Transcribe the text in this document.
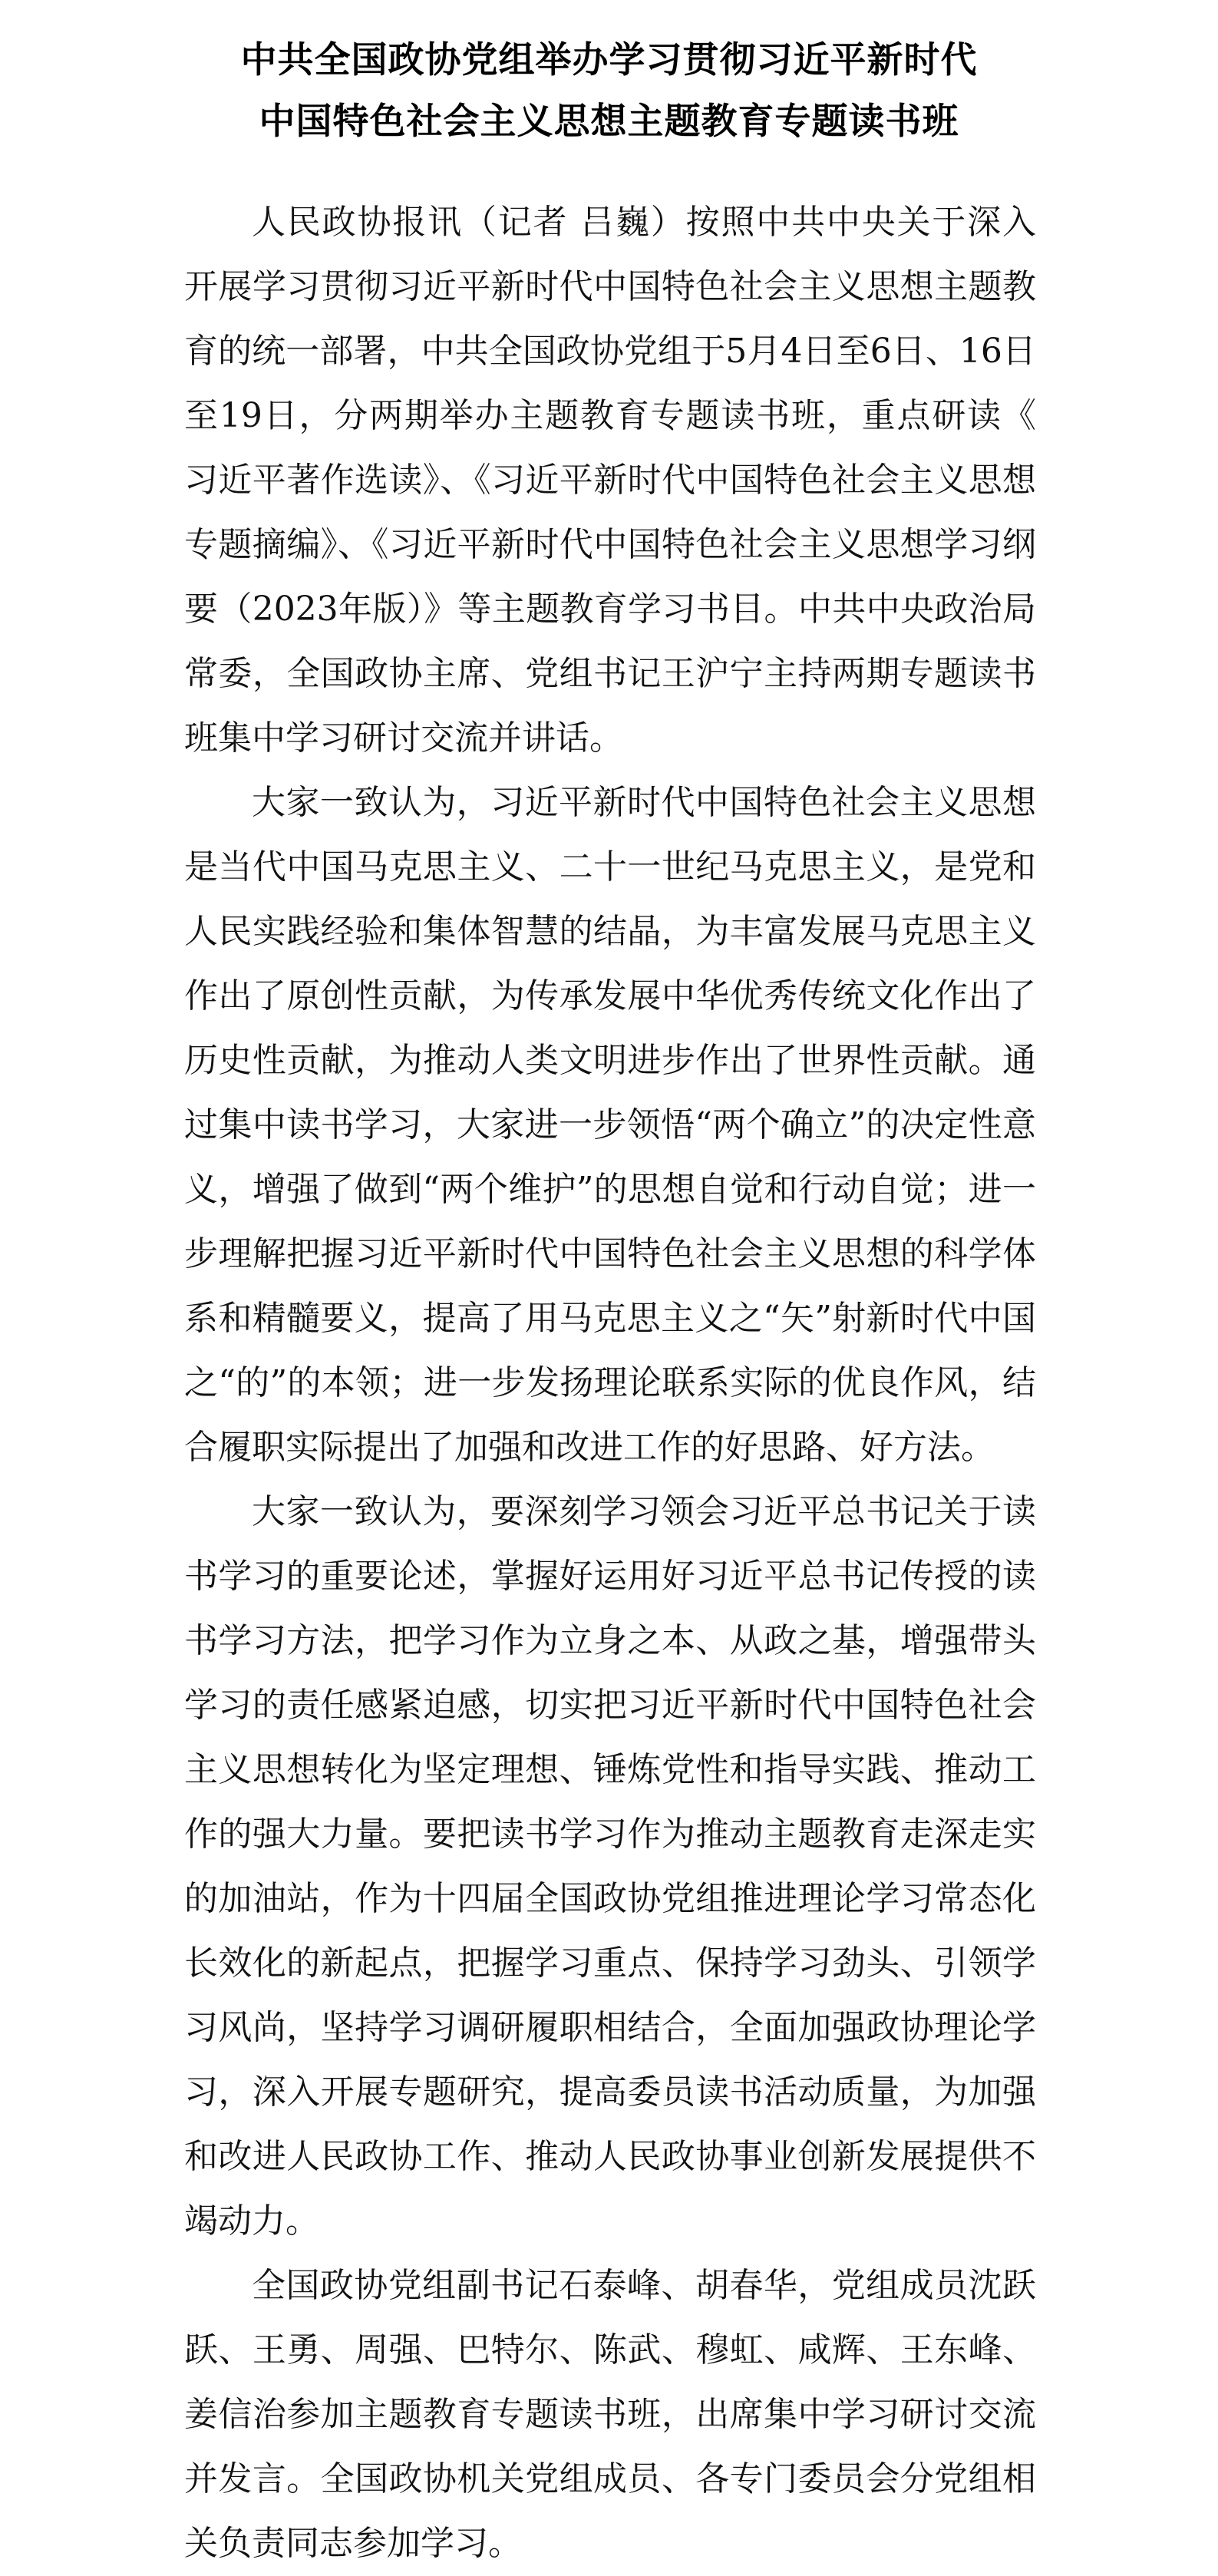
中共全国政协党组举办学习贯彻习近平新时代
中国特色社会主义思想主题教育专题读书班

人民政协报讯（记者 吕巍）按照中共中央关于深入开展学习贯彻习近平新时代中国特色社会主义思想主题教育的统一部署，中共全国政协党组于5月4日至6日、16日至19日，分两期举办主题教育专题读书班，重点研读《习近平著作选读》、《习近平新时代中国特色社会主义思想专题摘编》、《习近平新时代中国特色社会主义思想学习纲要（2023年版）》等主题教育学习书目。中共中央政治局常委，全国政协主席、党组书记王沪宁主持两期专题读书班集中学习研讨交流并讲话。

大家一致认为，习近平新时代中国特色社会主义思想是当代中国马克思主义、二十一世纪马克思主义，是党和人民实践经验和集体智慧的结晶，为丰富发展马克思主义作出了原创性贡献，为传承发展中华优秀传统文化作出了历史性贡献，为推动人类文明进步作出了世界性贡献。通过集中读书学习，大家进一步领悟“两个确立”的决定性意义，增强了做到“两个维护”的思想自觉和行动自觉；进一步理解把握习近平新时代中国特色社会主义思想的科学体系和精髓要义，提高了用马克思主义之“矢”射新时代中国之“的”的本领；进一步发扬理论联系实际的优良作风，结合履职实际提出了加强和改进工作的好思路、好方法。

大家一致认为，要深刻学习领会习近平总书记关于读书学习的重要论述，掌握好运用好习近平总书记传授的读书学习方法，把学习作为立身之本、从政之基，增强带头学习的责任感紧迫感，切实把习近平新时代中国特色社会主义思想转化为坚定理想、锤炼党性和指导实践、推动工作的强大力量。要把读书学习作为推动主题教育走深走实的加油站，作为十四届全国政协党组推进理论学习常态化长效化的新起点，把握学习重点、保持学习劲头、引领学习风尚，坚持学习调研履职相结合，全面加强政协理论学习，深入开展专题研究，提高委员读书活动质量，为加强和改进人民政协工作、推动人民政协事业创新发展提供不竭动力。

全国政协党组副书记石泰峰、胡春华，党组成员沈跃跃、王勇、周强、巴特尔、陈武、穆虹、咸辉、王东峰、姜信治参加主题教育专题读书班，出席集中学习研讨交流并发言。全国政协机关党组成员、各专门委员会分党组相关负责同志参加学习。
